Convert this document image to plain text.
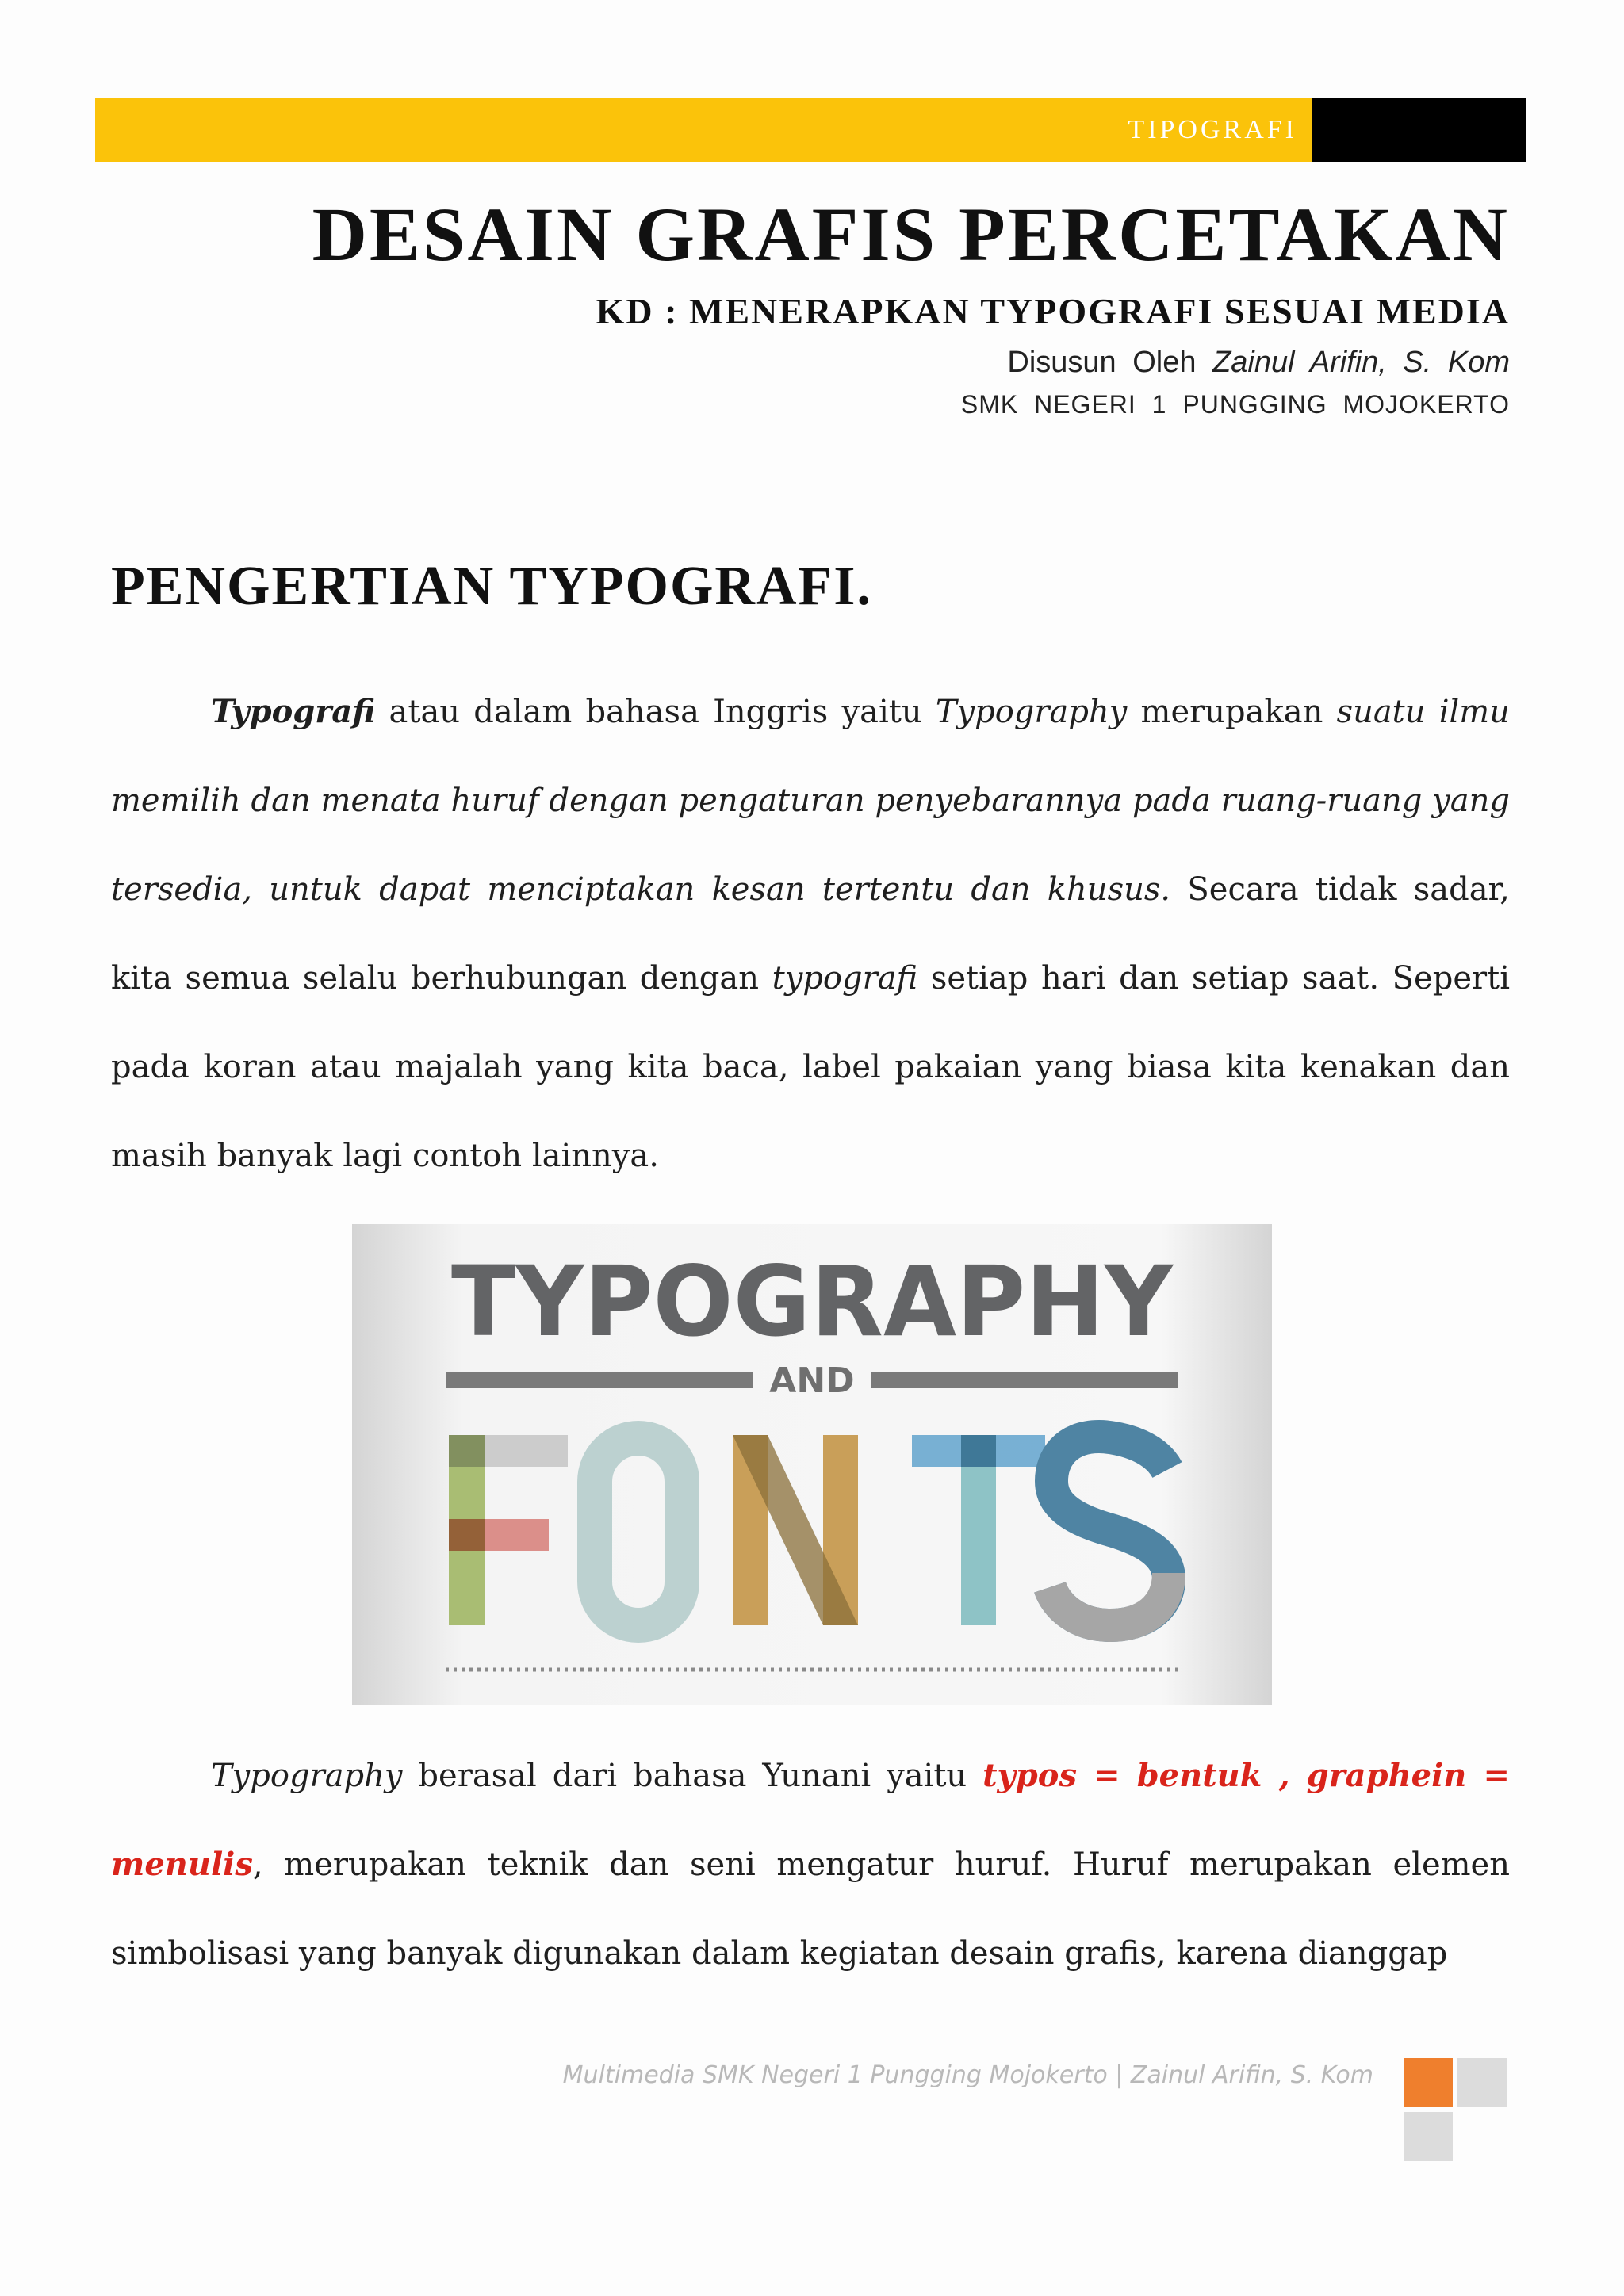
TIPOGRAFI
DESAIN GRAFIS PERCETAKAN
KD : MENERAPKAN TYPOGRAFI SESUAI MEDIA
Disusun Oleh Zainul Arifin, S. Kom
SMK NEGERI 1 PUNGGING MOJOKERTO
PENGERTIAN TYPOGRAFI.

Typografi atau dalam bahasa Inggris yaitu Typography merupakan suatu ilmu memilih dan menata huruf dengan pengaturan penyebarannya pada ruang-ruang yang tersedia, untuk dapat menciptakan kesan tertentu dan khusus. Secara tidak sadar, kita semua selalu berhubungan dengan typografi setiap hari dan setiap saat. Seperti pada koran atau majalah yang kita baca, label pakaian yang biasa kita kenakan dan masih banyak lagi contoh lainnya.

TYPOGRAPHY
AND

Typography berasal dari bahasa Yunani yaitu typos = bentuk , graphein = menulis, merupakan teknik dan seni mengatur huruf. Huruf merupakan elemen simbolisasi yang banyak digunakan dalam kegiatan desain grafis, karena dianggap

Multimedia SMK Negeri 1 Pungging Mojokerto | Zainul Arifin, S. Kom
